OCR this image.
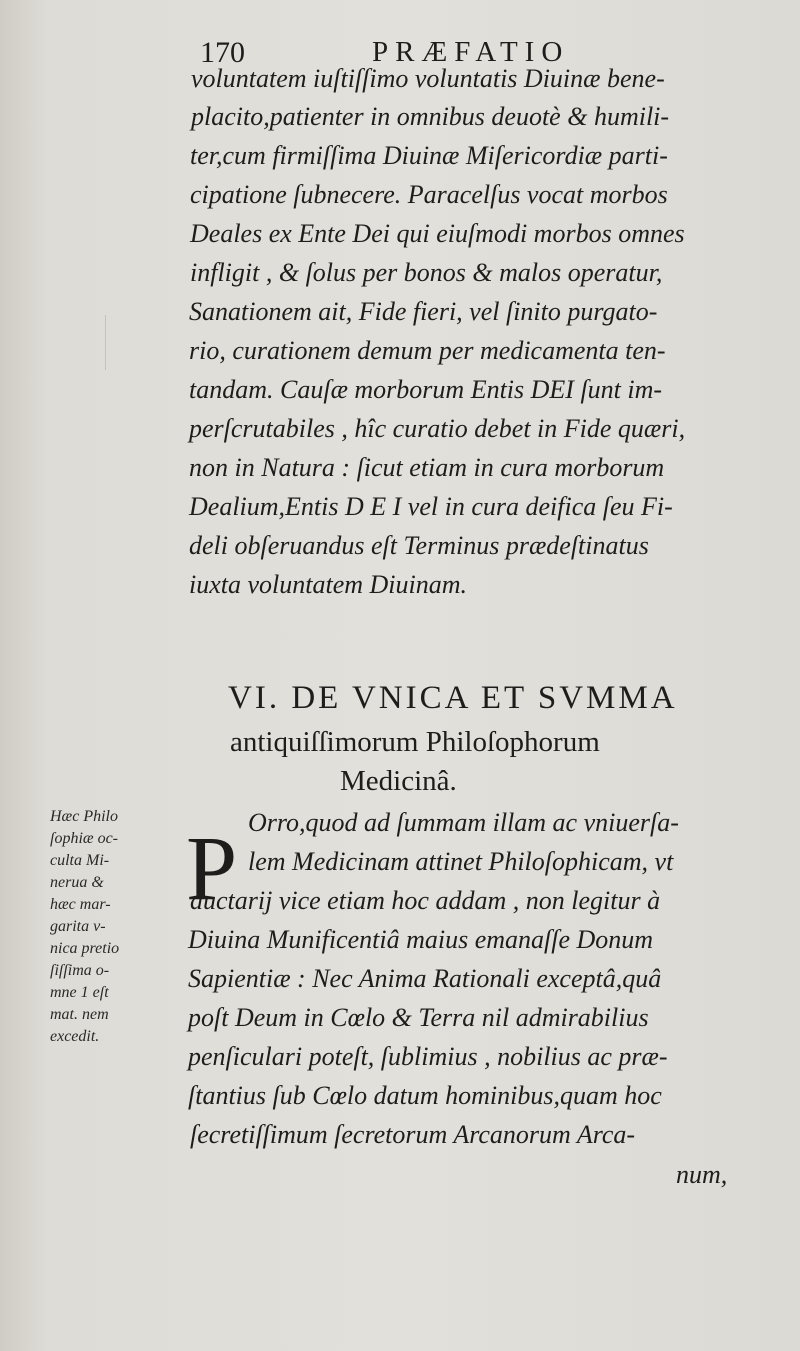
170	PRÆFATIO
voluntatem iuſtiſſimo voluntatis Diuinæ bene-
placito,patienter in omnibus deuotè & humili-
ter,cum firmiſſima Diuinæ Miſericordiæ parti-
cipatione ſubnecere. Paracelſus vocat morbos
Deales ex Ente Dei qui eiuſmodi morbos omnes
infligit , & ſolus per bonos & malos operatur,
Sanationem ait, Fide fieri, vel ſinito purgato-
rio, curationem demum per medicamenta ten-
tandam. Cauſæ morborum Entis DEI ſunt im-
perſcrutabiles , hîc curatio debet in Fide quæri,
non in Natura : ſicut etiam in cura morborum
Dealium,Entis D E I vel in cura deifica ſeu Fi-
deli obſeruandus eſt Terminus prædeſtinatus
iuxta voluntatem Diuinam.
VI. DE VNICA ET SVMMA
antiquiſſimorum Philoſophorum
Medicinâ.
Hæc Philo
ſophiæ oc-
culta Mi-
nerua &
hæc mar-
garita v-
nica pretio
ſiſſima o-
mne 1 eſt
mat. nem
excedit.
P Orro,quod ad ſummam illam ac vniuerſa-
lem Medicinam attinet Philoſophicam, vt
auctarij vice etiam hoc addam , non legitur à
Diuina Munificentiâ maius emanaſſe Donum
Sapientiæ : Nec Anima Rationali exceptâ,quâ
poſt Deum in Cœlo & Terra nil admirabilius
penſiculari poteſt, ſublimius , nobilius ac præ-
ſtantius ſub Cœlo datum hominibus,quam hoc
ſecretiſſimum ſecretorum Arcanorum Arca-
num,
